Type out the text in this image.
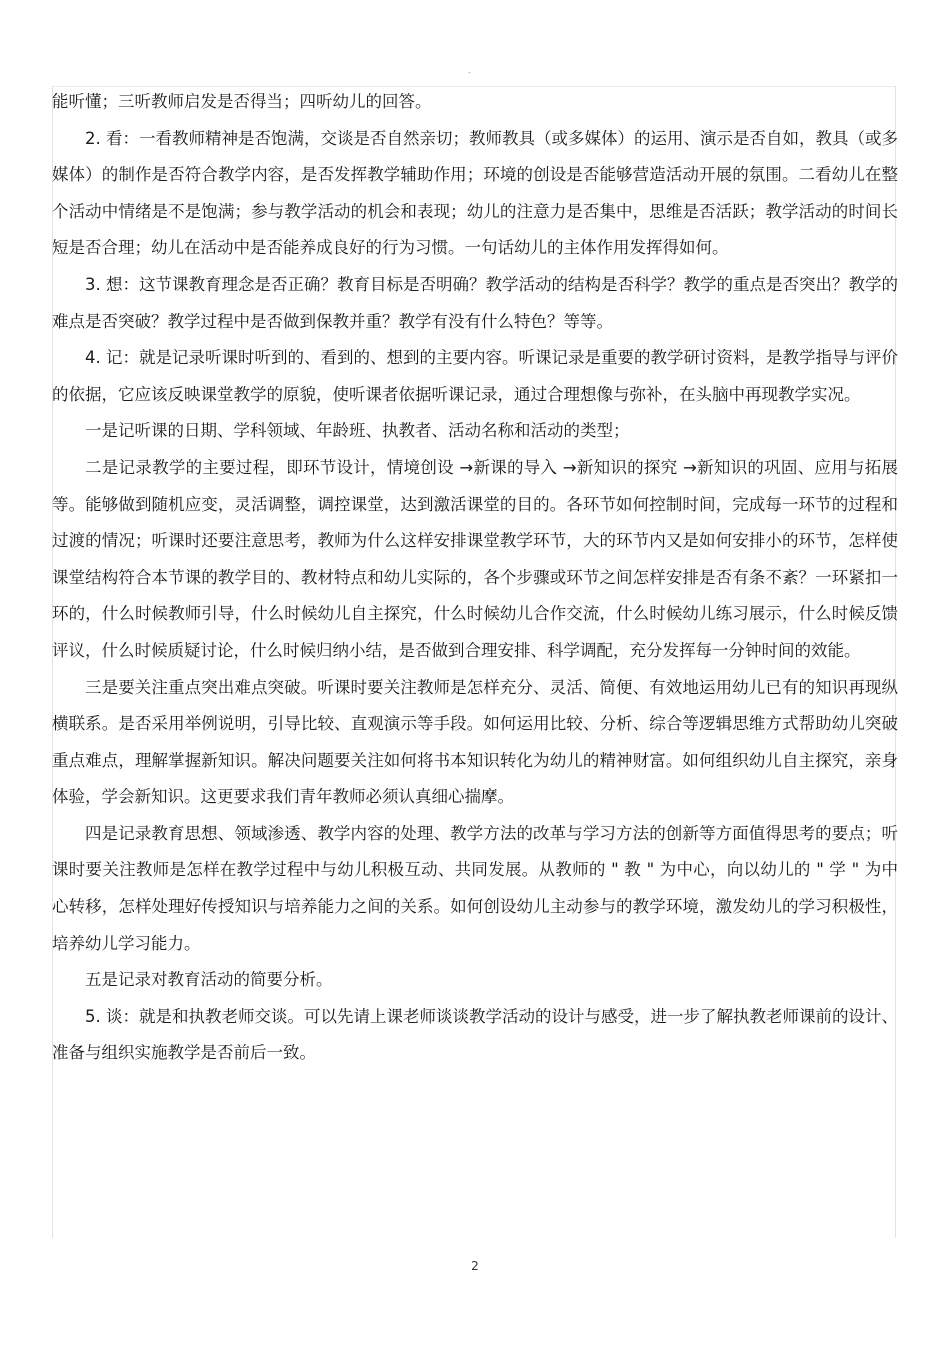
-

能听懂；三听教师启发是否得当；四听幼儿的回答。

2. 看：一看教师精神是否饱满，交谈是否自然亲切；教师教具（或多媒体）的运用、演示是否自如，教具（或多媒体）的制作是否符合教学内容，是否发挥教学辅助作用；环境的创设是否能够营造活动开展的氛围。二看幼儿在整个活动中情绪是不是饱满；参与教学活动的机会和表现；幼儿的注意力是否集中，思维是否活跃；教学活动的时间长短是否合理；幼儿在活动中是否能养成良好的行为习惯。一句话幼儿的主体作用发挥得如何。

3. 想：这节课教育理念是否正确？教育目标是否明确？教学活动的结构是否科学？教学的重点是否突出？教学的难点是否突破？教学过程中是否做到保教并重？教学有没有什么特色？等等。

4. 记：就是记录听课时听到的、看到的、想到的主要内容。听课记录是重要的教学研讨资料，是教学指导与评价的依据，它应该反映课堂教学的原貌，使听课者依据听课记录，通过合理想像与弥补，在头脑中再现教学实况。

一是记听课的日期、学科领域、年龄班、执教者、活动名称和活动的类型；

二是记录教学的主要过程，即环节设计，情境创设 →新课的导入 →新知识的探究 →新知识的巩固、应用与拓展等。能够做到随机应变，灵活调整，调控课堂，达到激活课堂的目的。各环节如何控制时间，完成每一环节的过程和过渡的情况；听课时还要注意思考，教师为什么这样安排课堂教学环节，大的环节内又是如何安排小的环节，怎样使课堂结构符合本节课的教学目的、教材特点和幼儿实际的，各个步骤或环节之间怎样安排是否有条不紊？一环紧扣一环的，什么时候教师引导，什么时候幼儿自主探究，什么时候幼儿合作交流，什么时候幼儿练习展示，什么时候反馈评议，什么时候质疑讨论，什么时候归纳小结，是否做到合理安排、科学调配，充分发挥每一分钟时间的效能。

三是要关注重点突出难点突破。听课时要关注教师是怎样充分、灵活、简便、有效地运用幼儿已有的知识再现纵横联系。是否采用举例说明，引导比较、直观演示等手段。如何运用比较、分析、综合等逻辑思维方式帮助幼儿突破重点难点，理解掌握新知识。解决问题要关注如何将书本知识转化为幼儿的精神财富。如何组织幼儿自主探究，亲身体验，学会新知识。这更要求我们青年教师必须认真细心揣摩。

四是记录教育思想、领域渗透、教学内容的处理、教学方法的改革与学习方法的创新等方面值得思考的要点；听课时要关注教师是怎样在教学过程中与幼儿积极互动、共同发展。从教师的 " 教 " 为中心，向以幼儿的 " 学 " 为中心转移，怎样处理好传授知识与培养能力之间的关系。如何创设幼儿主动参与的教学环境，激发幼儿的学习积极性，培养幼儿学习能力。

五是记录对教育活动的简要分析。

5. 谈：就是和执教老师交谈。可以先请上课老师谈谈教学活动的设计与感受，进一步了解执教老师课前的设计、准备与组织实施教学是否前后一致。

2
